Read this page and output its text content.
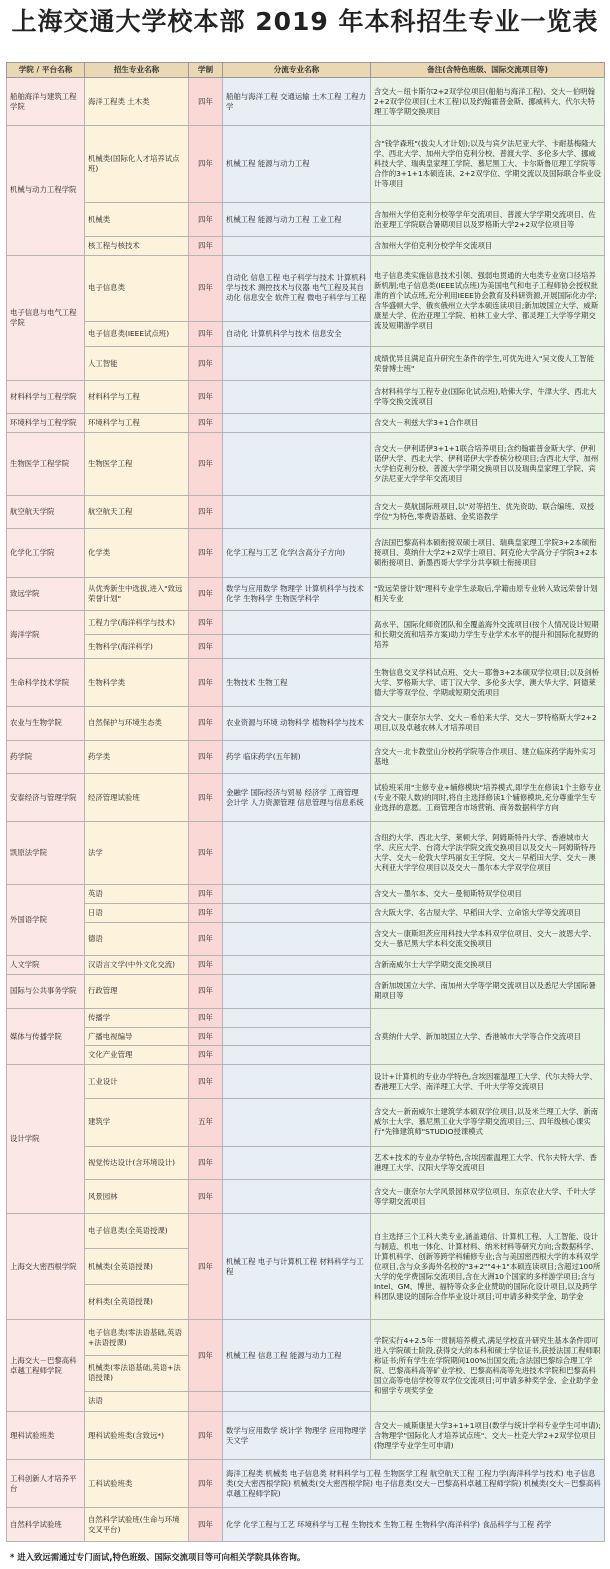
上海交通大学校本部 2019 年本科招生专业一览表
学院 / 平台名称	招生专业名称	学制	分流专业名称	备注(含特色班级、国际交流项目等)
船舶海洋与建筑工程学院	海洋工程类 土木类	四年	船舶与海洋工程 交通运输 土木工程 工程力学	含交大－纽卡斯尔2+2双学位项目(船舶与海洋工程)、交大－伯明翰2+2双学位项目(土木工程)以及约翰霍普金斯、挪威科大、代尔夫特理工等学期交换项目
机械与动力工程学院	机械类(国际化人才培养试点班)	四年	机械工程 能源与动力工程	含"钱学森班"(拔尖人才计划);以及与宾夕法尼亚大学、卡耐基梅隆大学、西北大学、加州大学伯克利分校、普渡大学、多伦多大学、挪威科技大学、瑞典皇家理工学院、慕尼黑工大、卡尔斯鲁厄理工学院等合作的3+1+1本硕连读、2+2双学位、学期交流以及国际联合毕业设计等项目
	机械类	四年	机械工程 能源与动力工程 工业工程	含加州大学伯克利分校等学年交流项目、普渡大学学期交流项目、佐治亚理工学院联合暑期项目以及罗格斯大学2+2双学位项目等
	核工程与核技术	四年		含加州大学伯克利分校学年交流项目
电子信息与电气工程学院	电子信息类	四年	自动化 信息工程 电子科学与技术 计算机科学与技术 测控技术与仪器 电气工程及其自动化 信息安全 软件工程 微电子科学与工程	电子信息类实施信息技术引领、强弱电贯通的大电类专业宽口径培养新机制;电子信息类(IEEE试点班)为美国电气和电子工程师协会授权批准的首个试点班,充分利用IEEE协会教育及科研资源,开展国际化办学;含华盛顿大学、俄亥俄州立大学本硕连读项目;新加坡国立大学、威斯康星大学、佐治亚理工学院、柏林工业大学、都灵理工大学等学期交流及短期游学项目
	电子信息类(IEEE试点班)	四年	自动化 计算机科学与技术 信息安全	
	人工智能	四年		成绩优异且满足直升研究生条件的学生,可优先进入"吴文俊人工智能荣誉博士班"
材料科学与工程学院	材料科学与工程	四年		含材料科学与工程专业(国际化试点班),哈佛大学、牛津大学、西北大学等交换交流项目
环境科学与工程学院	环境科学与工程	四年		含交大－利兹大学3+1合作项目
生物医学工程学院	生物医学工程	四年		含交大－伊利诺伊3+1+1联合培养项目;含约翰霍普金斯大学、伊利诺伊大学、西北大学、伊利诺伊大学香槟分校项目;含西北大学、加州大学伯克利分校、普渡大学学期交换项目以及瑞典皇家理工学院、宾夕法尼亚大学学年交流项目
航空航天学院	航空航天工程	四年		含交大－莫航国际班项目,以"对等招生、优先资助、联合编班、双授学位"为特色,零费语基础、金奖语教学
化学化工学院	化学类	四年	化学工程与工艺 化学(含高分子方向)	含法国巴黎高科本硕衔接双硕士项目、瑞典皇家理工学院3+2本硕衔接项目、莫纳什大学2+2双学士项目、阿克伦大学高分子学院3+2本硕衔接项目、新墨西哥大学学分共享硕士衔接项目
致远学院	从优秀新生中选拔,进入"致远荣誉计划"	四年	数学与应用数学 物理学 计算机科学与技术 化学 生物科学 生物医学科学	"致远荣誉计划"理科专业学生录取后,学籍由原专业转入致远荣誉计划相关专业
海洋学院	工程力学(海洋科学与技术)	四年		高水平、国际化师资团队和全覆盖海外交流项目(按个人情况设计短期和长期交流和培养方案)助力学生专业学术水平的提升和国际化视野的培养
	生物科学(海洋科学)	四年		
生命科学技术学院	生物科学类	四年	生物技术 生物工程	生物信息交叉学科试点班、交大－耶鲁3+2本硕双学位项目;以及剑桥大学、罗格斯大学、诺丁汉大学、多伦多大学、澳大华大学、阿德莱德大学等双学位、学期或短期交流项目
农业与生物学院	自然保护与环境生态类	四年	农业资源与环境 动物科学 植物科学与技术	含交大－康奈尔大学、交大－希伯来大学、交大－罗特格斯大学2+2项目,以及卓越农林人才培养项目
药学院	药学类	四年	药学 临床药学(五年制)	含交大－北卡教堂山分校药学院等合作项目、建立临床药学海外实习基地
安泰经济与管理学院	经济管理试验班	四年	金融学 国际经济与贸易 经济学 工商管理 会计学 人力资源管理 信息管理与信息系统	试验班采用"主修专业+辅修模块"培养模式,即学生在修读1个主修专业(专业不限人数)的同时,将自主选择修读1个辅修模块,充分尊重学生专业选择的意愿。工商管理含市场营销、商务数据科学方向
凯原法学院	法学	四年		含纽约大学、西北大学、莱顿大学、阿姆斯特丹大学、香港城市大学、庆应大学、台湾大学法学院交流交换项目以及交大－阿姆斯特丹大学、交大－伦敦大学玛丽女王学院、交大－早稻田大学、交大－澳大利亚大学学位项目以及交大－墨尔本大学双学位项目
外国语学院	英语	四年		含交大－墨尔本、交大－曼彻斯特双学位项目
	日语	四年		含大阪大学、名古屋大学、早稻田大学、立命馆大学等交流项目
	德语	四年		含交大－康斯坦茨应用科技大学本科双学位项目、交大－波恩大学、交大－慕尼黑大学本科交流交换项目
人文学院	汉语言文学(中外文化交流)	四年		含新南威尔士大学学期交流交换项目
国际与公共事务学院	行政管理	四年		含新加坡国立大学、南加州大学等学期交流项目以及悉尼大学国际暑期项目等
媒体与传播学院	传播学	四年		含莫纳什大学、新加坡国立大学、香港城市大学等合作交流项目
	广播电视编导	四年		
	文化产业管理	四年		
设计学院	工业设计	四年		设计+计算机的专业办学特色,含埃因霍温理工大学、代尔夫特大学、香港理工大学、南洋理工大学、千叶大学等交流项目
	建筑学	五年		含交大－新南威尔士建筑学本硕双学位项目,以及米兰理工大学、新南威尔士大学、慕尼黑工业大学等学期交流项目;三、四年级核心课实行"先锋建筑师"STUDIO授课模式
	视觉传达设计(含环境设计)	四年		艺术+技术的专业办学特色,含埃因霍温理工大学、代尔夫特大学、香港理工大学、汉阳大学等交流项目
	风景园林	四年		含交大－康奈尔大学风景园林双学位项目、东京农业大学、千叶大学等学期交流项目
上海交大密西根学院	电子信息类(全英语授课)	四年	机械工程 电子与计算机工程 材料科学与工程	自主选择三个工科大类专业,涵盖通信、计算机工程、人工智能、设计与制造、机电一体化、计算材料、纳米材料等研究方向;含数据科学、计算机科学、创新等跨学科辅修专业;含与美国密西根大学的本科双学位项目,含与众多海外名校的"3+2""4+1"本硕连读项目;含超过100所大学的免学费国际交流项目,含在大洲10个国家的多样游学项目;含与Intel、GM、博世、福特等众多企业赞助的国际化设计项目,以及跨学科团队建设的国际合作毕业设计项目;可申请多种奖学金、助学金
	机械类(全英语授课)			
	材料类(全英语授课)			
上海交大－巴黎高科卓越工程师学院	电子信息类(零法语基础,英语+法语授课)	四年	机械工程 信息工程 能源与动力工程	学院实行4+2.5年一贯制培养模式,满足学校直升研究生基本条件即可进入学院硕士阶段,获得交大的本科和硕士学位证书,获授法国工程师职称证书;所有学生在学院期间100%出国交流;含法国巴黎综合理工学院、巴黎高科高等矿业学校、巴黎高科高等先进技术学院和巴黎高科国立高等电信学校等双学位交流项目;可申请多种奖学金、企业助学金和留学专项奖学金
	机械类(零法语基础,英语+法语授课)			
	法语			
理科试验班类	理科试验班类(含致远*)	四年	数学与应用数学 统计学 物理学 应用物理学 天文学	含交大－威斯康星大学3+1+1项目(数学与统计学科专业学生可申请);含物理学"国际化人才培养试点班"、交大－杜克大学2+2双学位项目(物理学专业学生可申请)
工科创新人才培养平台	工科试验班类	四年	海洋工程类 机械类 电子信息类 材料科学与工程 生物医学工程 航空航天工程 工程力学(海洋科学与技术) 电子信息类(交大密西根学院) 机械类(交大密西根学院) 电子信息类(交大－巴黎高科卓越工程师学院) 机械类(交大－巴黎高科卓越工程师学院)	
自然科学试验班	自然科学试验班(生命与环境交叉平台)	四年	化学 化学工程与工艺 环境科学与工程 生物技术 生物工程 生物科学(海洋科学) 食品科学与工程 药学	
* 进入致远需通过专门面试,特色班级、国际交流项目等可向相关学院具体咨询。
